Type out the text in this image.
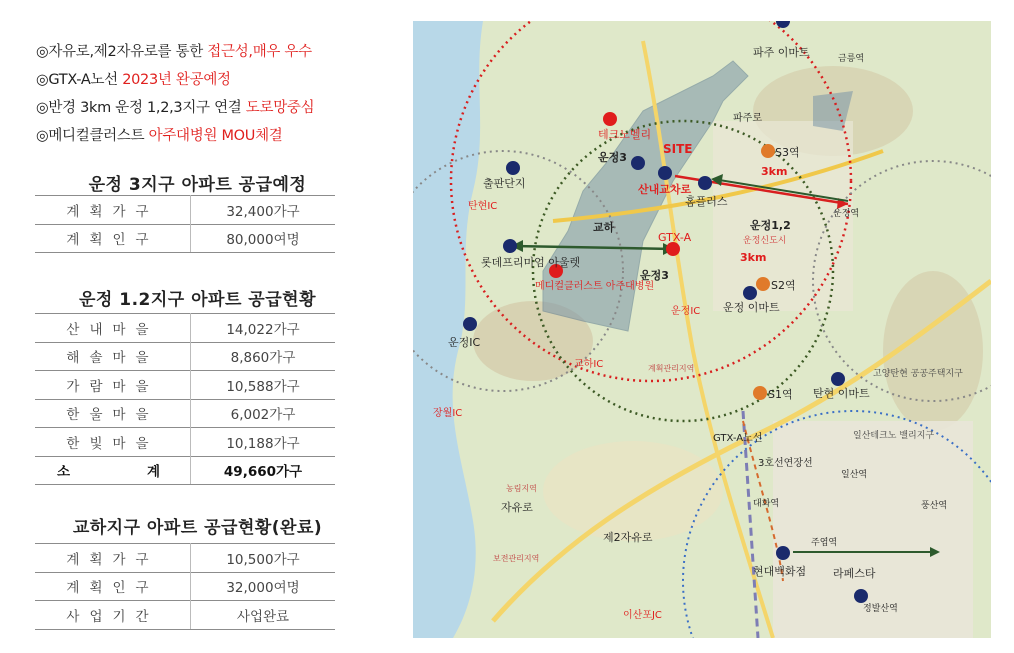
◎자유로,제2자유로를 통한 접근성,매우 우수
◎GTX-A노선 2023년 완공예정
◎반경 3km 운정 1,2,3지구 연결 도로망중심
◎메디컬클러스트 아주대병원 MOU체결
운정 3지구 아파트 공급예정
계획가구	32,400가구
계획인구	80,000여명
운정 1.2지구 아파트 공급현황
산내마을	14,022가구
해솔마을	8,860가구
가람마을	10,588가구
한울마을	6,002가구
한빛마을	10,188가구

소 계	49,660가구
교하지구 아파트 공급현황(완료)
계획가구	10,500가구
계획인구	32,000여명
사업기간	사업완료
파주 이마트
테크노벨리
운정3
SITE
산내교차로
홈플러스
출판단지
탄현IC
교하
GTX-A
롯데프리미엄 아울렛
메디컬클러스트 아주대병원
운정3
운정IC
운정IC
교하IC
장월IC
S3역
3km
운정1,2
운정신도시
3km
S2역
운정 이마트
S1역 탄현 이마트
현대백화점 라페스타
이산포JC
자유로
제2자유로
GTX-A노선
3호선연장선
파주로
고양탄현 공공주택지구
일산테크노 밸리지구
농림지역
보전관리지역
계획관리지역
운정역
금릉역
풍산역
일산역
정발산역
주엽역
대화역
